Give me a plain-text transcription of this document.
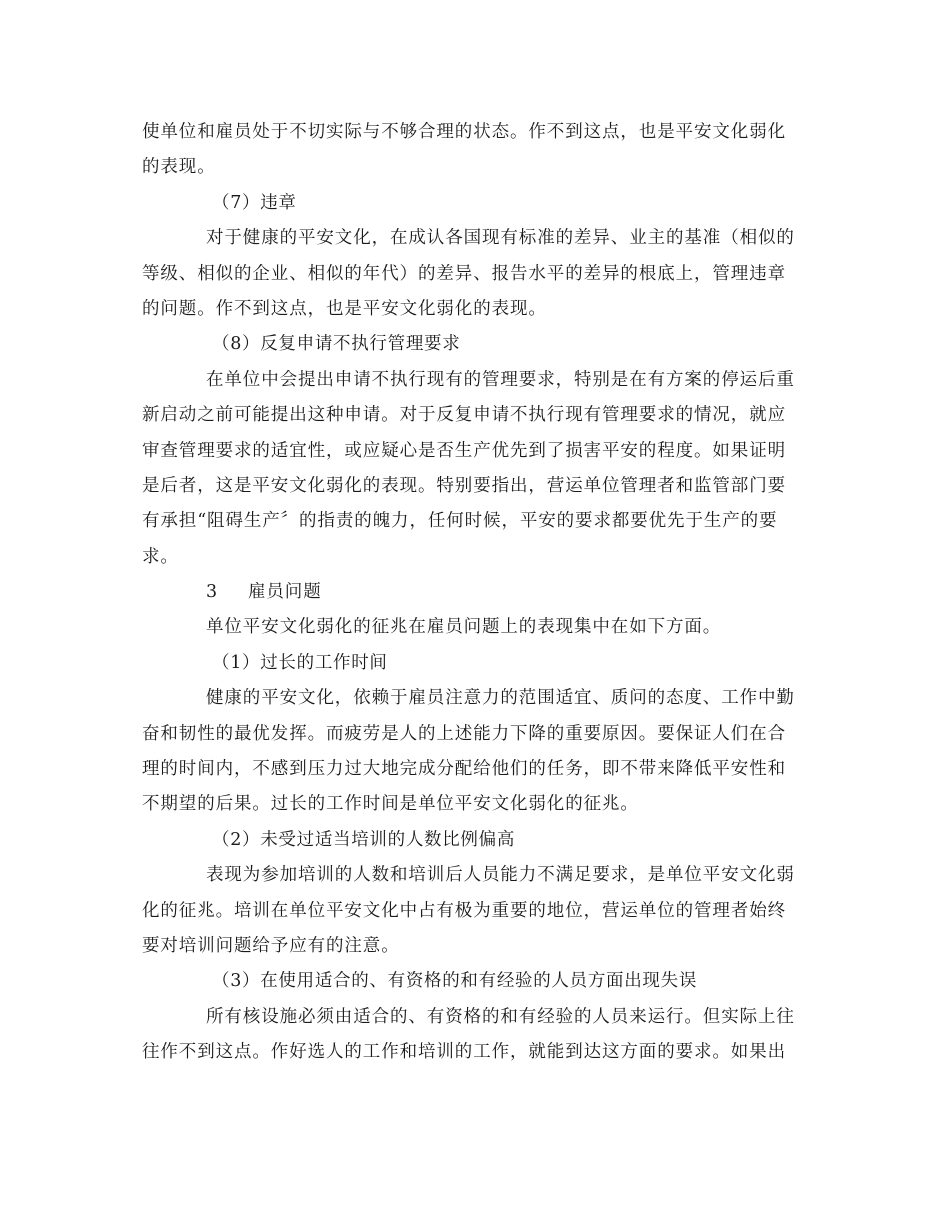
使单位和雇员处于不切实际与不够合理的状态。作不到这点，也是平安文化弱化
的表现。
（7）违章
对于健康的平安文化，在成认各国现有标准的差异、业主的基准（相似的
等级、相似的企业、相似的年代）的差异、报告水平的差异的根底上，管理违章
的问题。作不到这点，也是平安文化弱化的表现。
（8）反复申请不执行管理要求
在单位中会提出申请不执行现有的管理要求，特别是在有方案的停运后重
新启动之前可能提出这种申请。对于反复申请不执行现有管理要求的情况，就应
审查管理要求的适宜性，或应疑心是否生产优先到了损害平安的程度。如果证明
是后者，这是平安文化弱化的表现。特别要指出，营运单位管理者和监管部门要
有承担“阻碍生产〞的指责的魄力，任何时候，平安的要求都要优先于生产的要
求。
3 雇员问题
单位平安文化弱化的征兆在雇员问题上的表现集中在如下方面。
（1）过长的工作时间
健康的平安文化，依赖于雇员注意力的范围适宜、质问的态度、工作中勤
奋和韧性的最优发挥。而疲劳是人的上述能力下降的重要原因。要保证人们在合
理的时间内，不感到压力过大地完成分配给他们的任务，即不带来降低平安性和
不期望的后果。过长的工作时间是单位平安文化弱化的征兆。
（2）未受过适当培训的人数比例偏高
表现为参加培训的人数和培训后人员能力不满足要求，是单位平安文化弱
化的征兆。培训在单位平安文化中占有极为重要的地位，营运单位的管理者始终
要对培训问题给予应有的注意。
（3）在使用适合的、有资格的和有经验的人员方面出现失误
所有核设施必须由适合的、有资格的和有经验的人员来运行。但实际上往
往作不到这点。作好选人的工作和培训的工作，就能到达这方面的要求。如果出
